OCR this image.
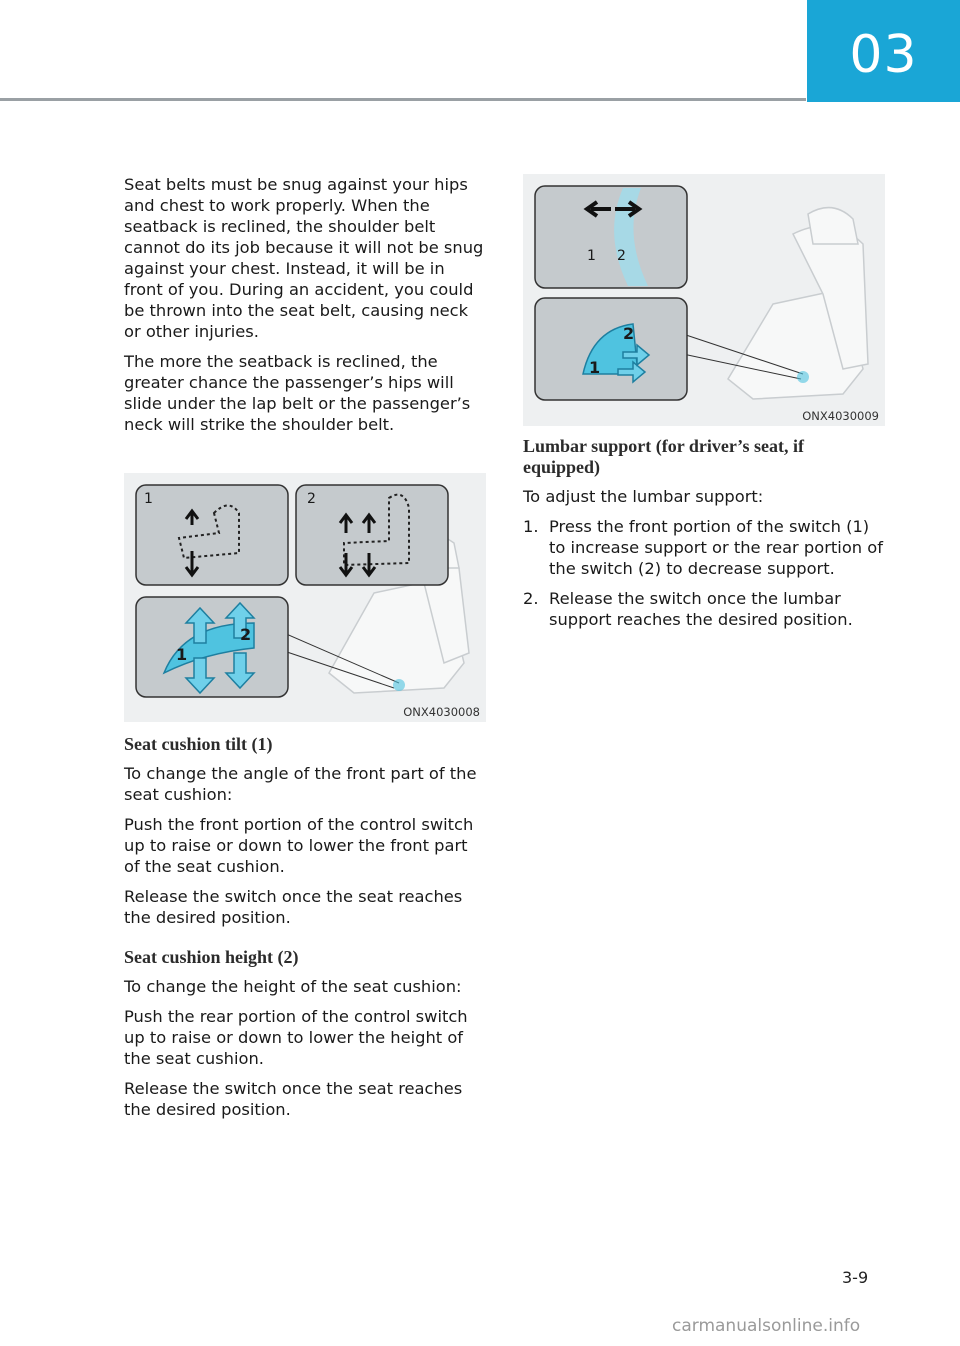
03

Seat belts must be snug against your hips and chest to work properly. When the seatback is reclined, the shoulder belt cannot do its job because it will not be snug against your chest. Instead, it will be in front of you. During an accident, you could be thrown into the seat belt, causing neck or other injuries.

The more the seatback is reclined, the greater chance the passenger’s hips will slide under the lap belt or the passenger’s neck will strike the shoulder belt.

1	2
1
2
ONX4030008
Seat cushion tilt (1)

To change the angle of the front part of the seat cushion:

Push the front portion of the control switch up to raise or down to lower the front part of the seat cushion.

Release the switch once the seat reaches the desired position.

Seat cushion height (2)

To change the height of the seat cushion:

Push the rear portion of the control switch up to raise or down to lower the height of the seat cushion.

Release the switch once the seat reaches the desired position.

1 2
1
2
ONX4030009
Lumbar support (for driver’s seat, if equipped)

To adjust the lumbar support:

1. Press the front portion of the switch (1) to increase support or the rear portion of the switch (2) to decrease support.
2. Release the switch once the lumbar support reaches the desired position.
3-9
carmanualsonline.info
